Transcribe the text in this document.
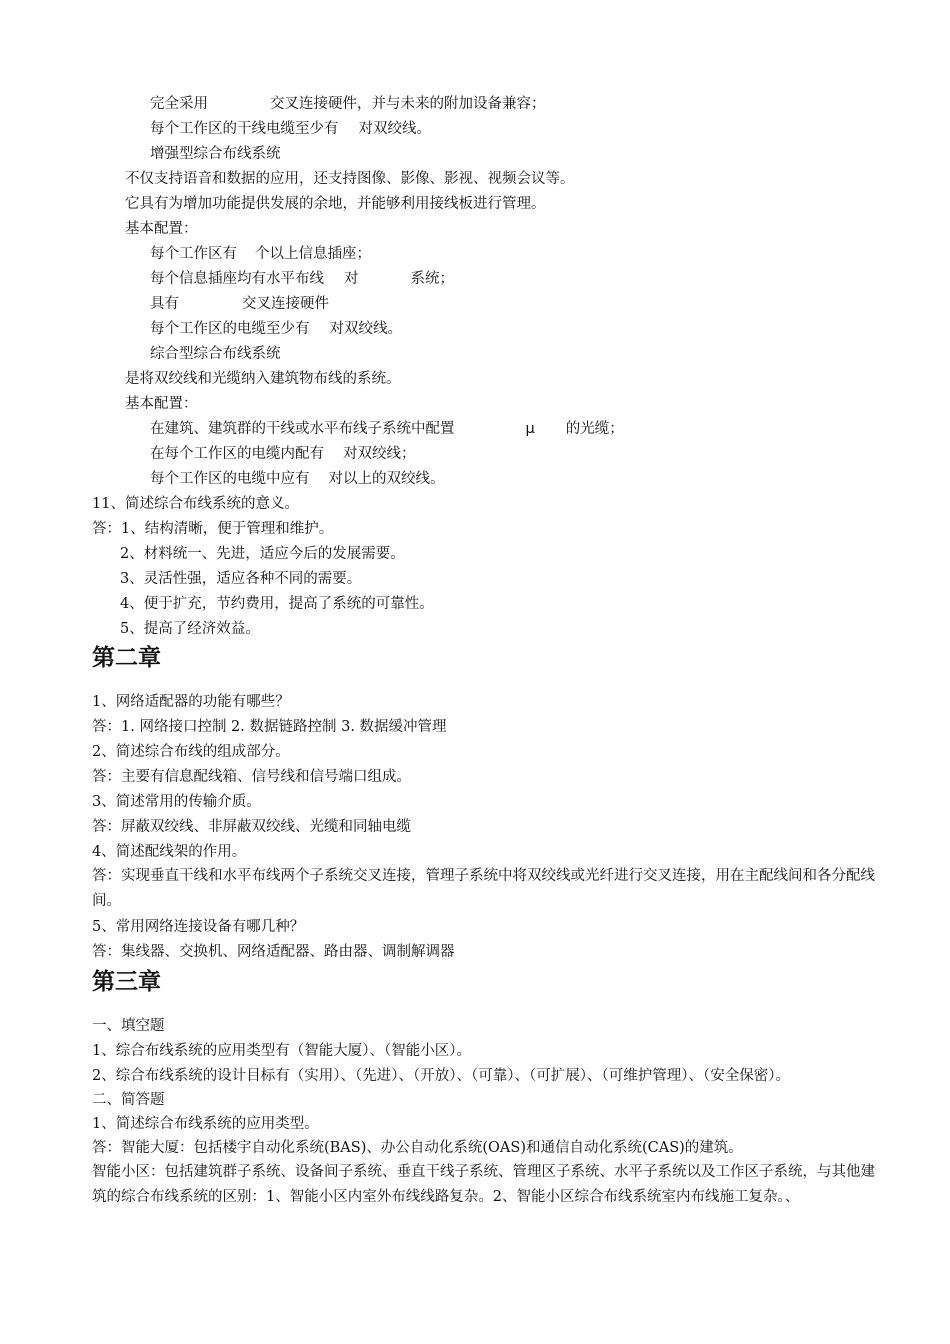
完全采用	交叉连接硬件，并与未来的附加设备兼容；
每个工作区的干线电缆至少有 对双绞线。
增强型综合布线系统
不仅支持语音和数据的应用，还支持图像、影像、影视、视频会议等。
它具有为增加功能提供发展的余地，并能够利用接线板进行管理。
基本配置：
每个工作区有 个以上信息插座；
每个信息插座均有水平布线 对	系统；
具有	交叉连接硬件
每个工作区的电缆至少有 对双绞线。
综合型综合布线系统
是将双绞线和光缆纳入建筑物布线的系统。
基本配置：
在建筑、建筑群的干线或水平布线子系统中配置	μ 的光缆；
在每个工作区的电缆内配有 对双绞线；
每个工作区的电缆中应有 对以上的双绞线。
11、简述综合布线系统的意义。
答：1、结构清晰，便于管理和维护。
2、材料统一、先进，适应今后的发展需要。
3、灵活性强，适应各种不同的需要。
4、便于扩充，节约费用，提高了系统的可靠性。
5、提高了经济效益。
第二章
1、网络适配器的功能有哪些？
答：1. 网络接口控制 2. 数据链路控制 3. 数据缓冲管理
2、简述综合布线的组成部分。
答：主要有信息配线箱、信号线和信号端口组成。
3、简述常用的传输介质。
答：屏蔽双绞线、非屏蔽双绞线、光缆和同轴电缆
4、简述配线架的作用。
答：实现垂直干线和水平布线两个子系统交叉连接，管理子系统中将双绞线或光纤进行交叉连接，用在主配线间和各分配线间。
5、常用网络连接设备有哪几种？
答：集线器、交换机、网络适配器、路由器、调制解调器
第三章
一、填空题
1、综合布线系统的应用类型有（智能大厦）、（智能小区）。
2、综合布线系统的设计目标有（实用）、（先进）、（开放）、（可靠）、（可扩展）、（可维护管理）、（安全保密）。
二、简答题
1、简述综合布线系统的应用类型。
答：智能大厦：包括楼宇自动化系统(BAS)、办公自动化系统(OAS)和通信自动化系统(CAS)的建筑。
智能小区：包括建筑群子系统、设备间子系统、垂直干线子系统、管理区子系统、水平子系统以及工作区子系统，与其他建筑的综合布线系统的区别：1、智能小区内室外布线线路复杂。2、智能小区综合布线系统室内布线施工复杂。、
